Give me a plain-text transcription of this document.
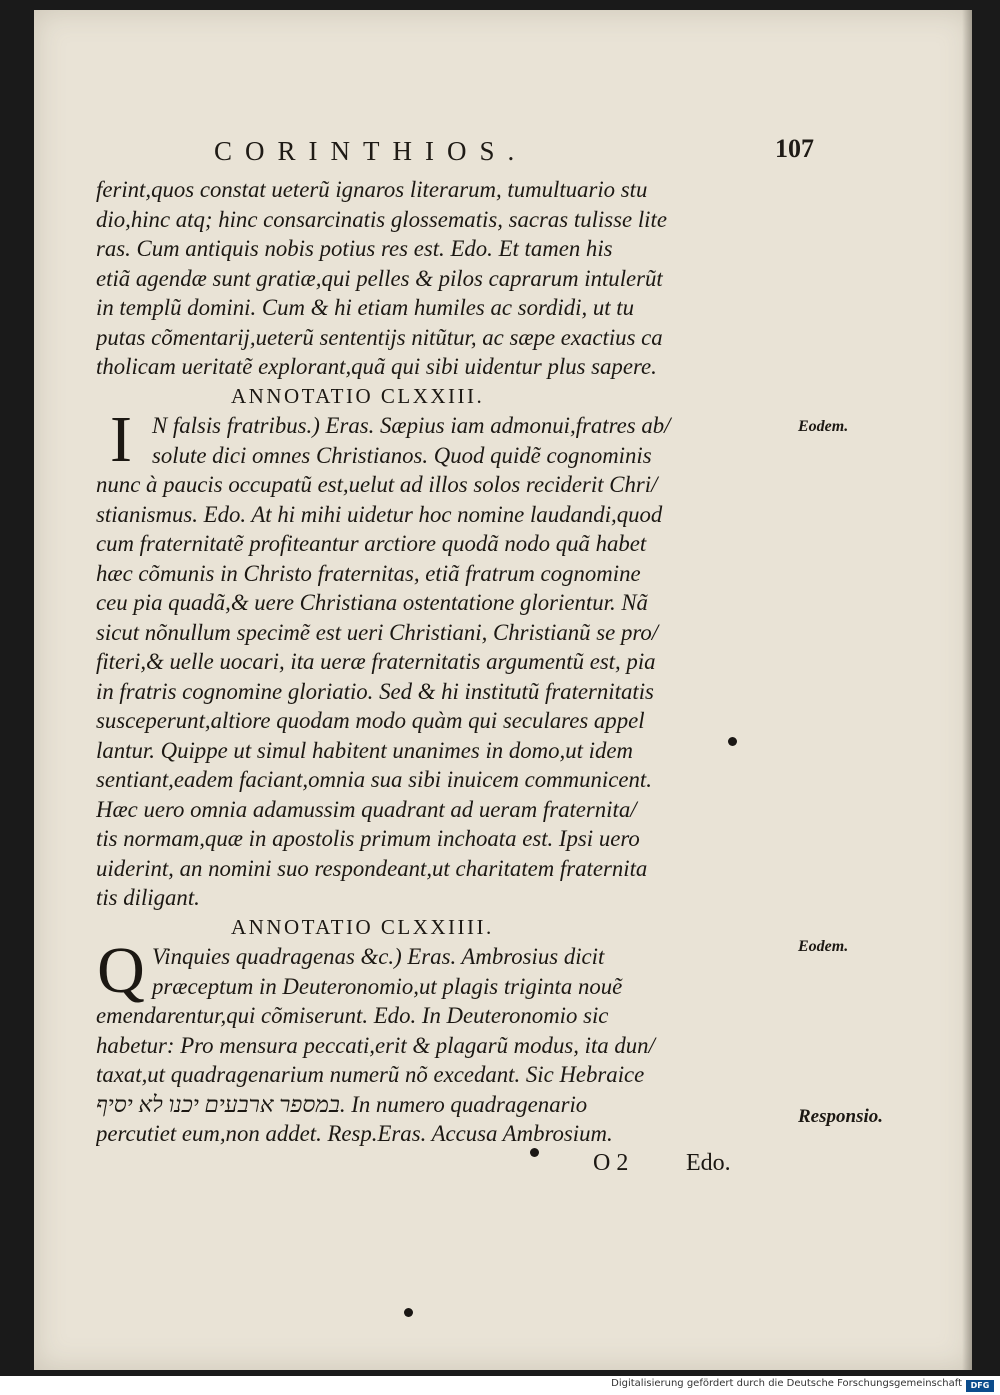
CORINTHIOS.	107
ferint,quos constat ueterũ ignaros literarum, tumultuario stu
dio,hinc atq; hinc consarcinatis glossematis, sacras tulisse lite
ras. Cum antiquis nobis potius res est. Edo. Et tamen his
etiã agendæ sunt gratiæ,qui pelles & pilos caprarum intulerũt
in templũ domini. Cum & hi etiam humiles ac sordidi, ut tu
putas cõmentarij,ueterũ sententijs nitũtur, ac sæpe exactius ca
tholicam ueritatẽ explorant,quã qui sibi uidentur plus sapere.
ANNOTATIO CLXXIII.
I N falsis fratribus.) Eras. Sæpius iam admonui,fratres ab/
solute dici omnes Christianos. Quod quidẽ cognominis
nunc à paucis occupatũ est,uelut ad illos solos reciderit Chri/
stianismus. Edo. At hi mihi uidetur hoc nomine laudandi,quod
cum fraternitatẽ profiteantur arctiore quodã nodo quã habet
hæc cõmunis in Christo fraternitas, etiã fratrum cognomine
ceu pia quadã,& uere Christiana ostentatione glorientur. Nã
sicut nõnullum specimẽ est ueri Christiani, Christianũ se pro/
fiteri,& uelle uocari, ita ueræ fraternitatis argumentũ est, pia
in fratris cognomine gloriatio. Sed & hi institutũ fraternitatis
susceperunt,altiore quodam modo quàm qui seculares appel
lantur. Quippe ut simul habitent unanimes in domo,ut idem
sentiant,eadem faciant,omnia sua sibi inuicem communicent.
Hæc uero omnia adamussim quadrant ad ueram fraternita/
tis normam,quæ in apostolis primum inchoata est. Ipsi uero
uiderint, an nomini suo respondeant,ut charitatem fraternita
tis diligant.
ANNOTATIO CLXXIIII.
Q Vinquies quadragenas &c.) Eras. Ambrosius dicit
præceptum in Deuteronomio,ut plagis triginta nouẽ
emendarentur,qui cõmiserunt. Edo. In Deuteronomio sic
habetur: Pro mensura peccati,erit & plagarũ modus, ita dun/
taxat,ut quadragenarium numerũ nõ excedant. Sic Hebraice
במספר ארבעים יכנו לא יסיף. In numero quadragenario
percutiet eum,non addet. Resp.Eras. Accusa Ambrosium.
O 2 Edo.
Eodem.
Eodem.
Responsio.
Digitalisierung gefördert durch die Deutsche Forschungsgemeinschaft	DFG
